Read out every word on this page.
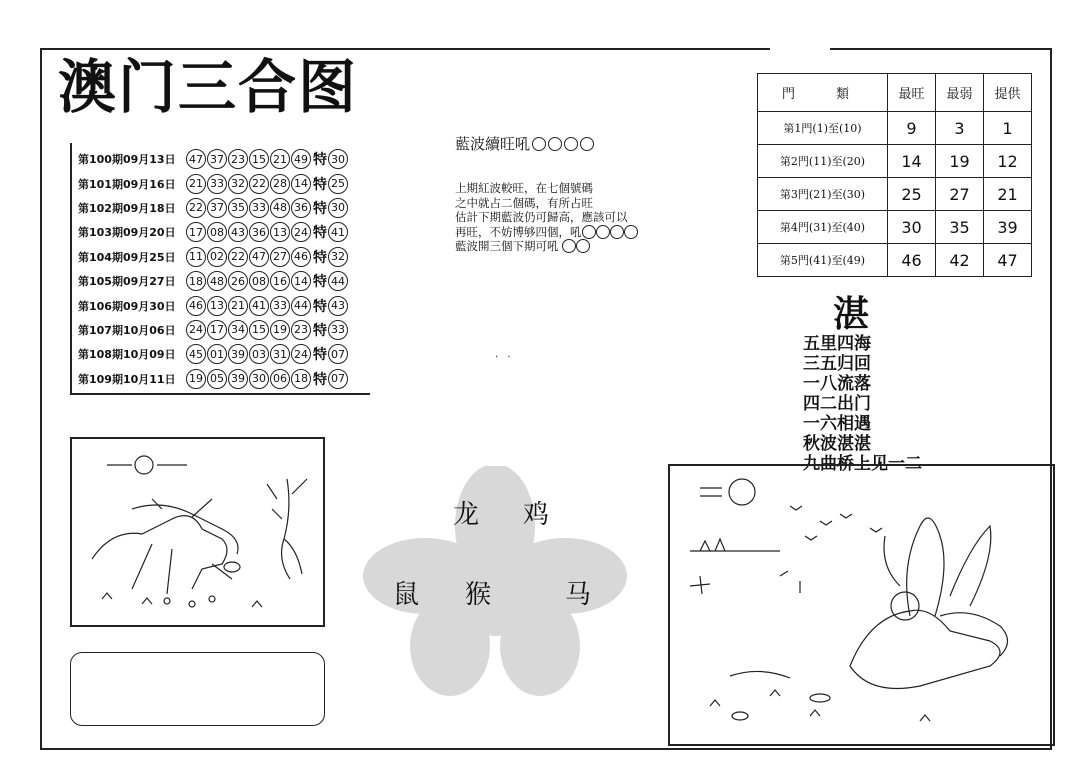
澳门三合图
第100期09月13日	47 37 23 15 21 49 特 30
第101期09月16日	21 33 32 22 28 14 特 25
第102期09月18日	22 37 35 33 48 36 特 30
第103期09月20日	17 08 43 36 13 24 特 41
第104期09月25日	11 02 22 47 27 46 特 32
第105期09月27日	18 48 26 08 16 14 特 44
第106期09月30日	46 13 21 41 33 44 特 43
第107期10月06日	24 17 34 15 19 23 特 33
第108期10月09日	45 01 39 03 31 24 特 07
第109期10月11日	19 05 39 30 06 18 特 07
藍波續旺吼
上期紅波較旺，在七個號碼
之中就占二個碼，有所占旺
估計下期藍波仍可歸高，應該可以
再旺，不妨博够四個，吼
藍波開三個下期可吼

· ·
門　類	最旺	最弱	提供
第1門(1)至(10)	9	3	1
第2門(11)至(20)	14	19	12
第3門(21)至(30)	25	27	21
第4門(31)至(40)	30	35	39
第5門(41)至(49)	46	42	47
湛
五里四海
三五归回
一八流落
四二出门
一六相遇
秋波湛湛
九曲桥上见一二
龙 鸡
鼠 猴	马
